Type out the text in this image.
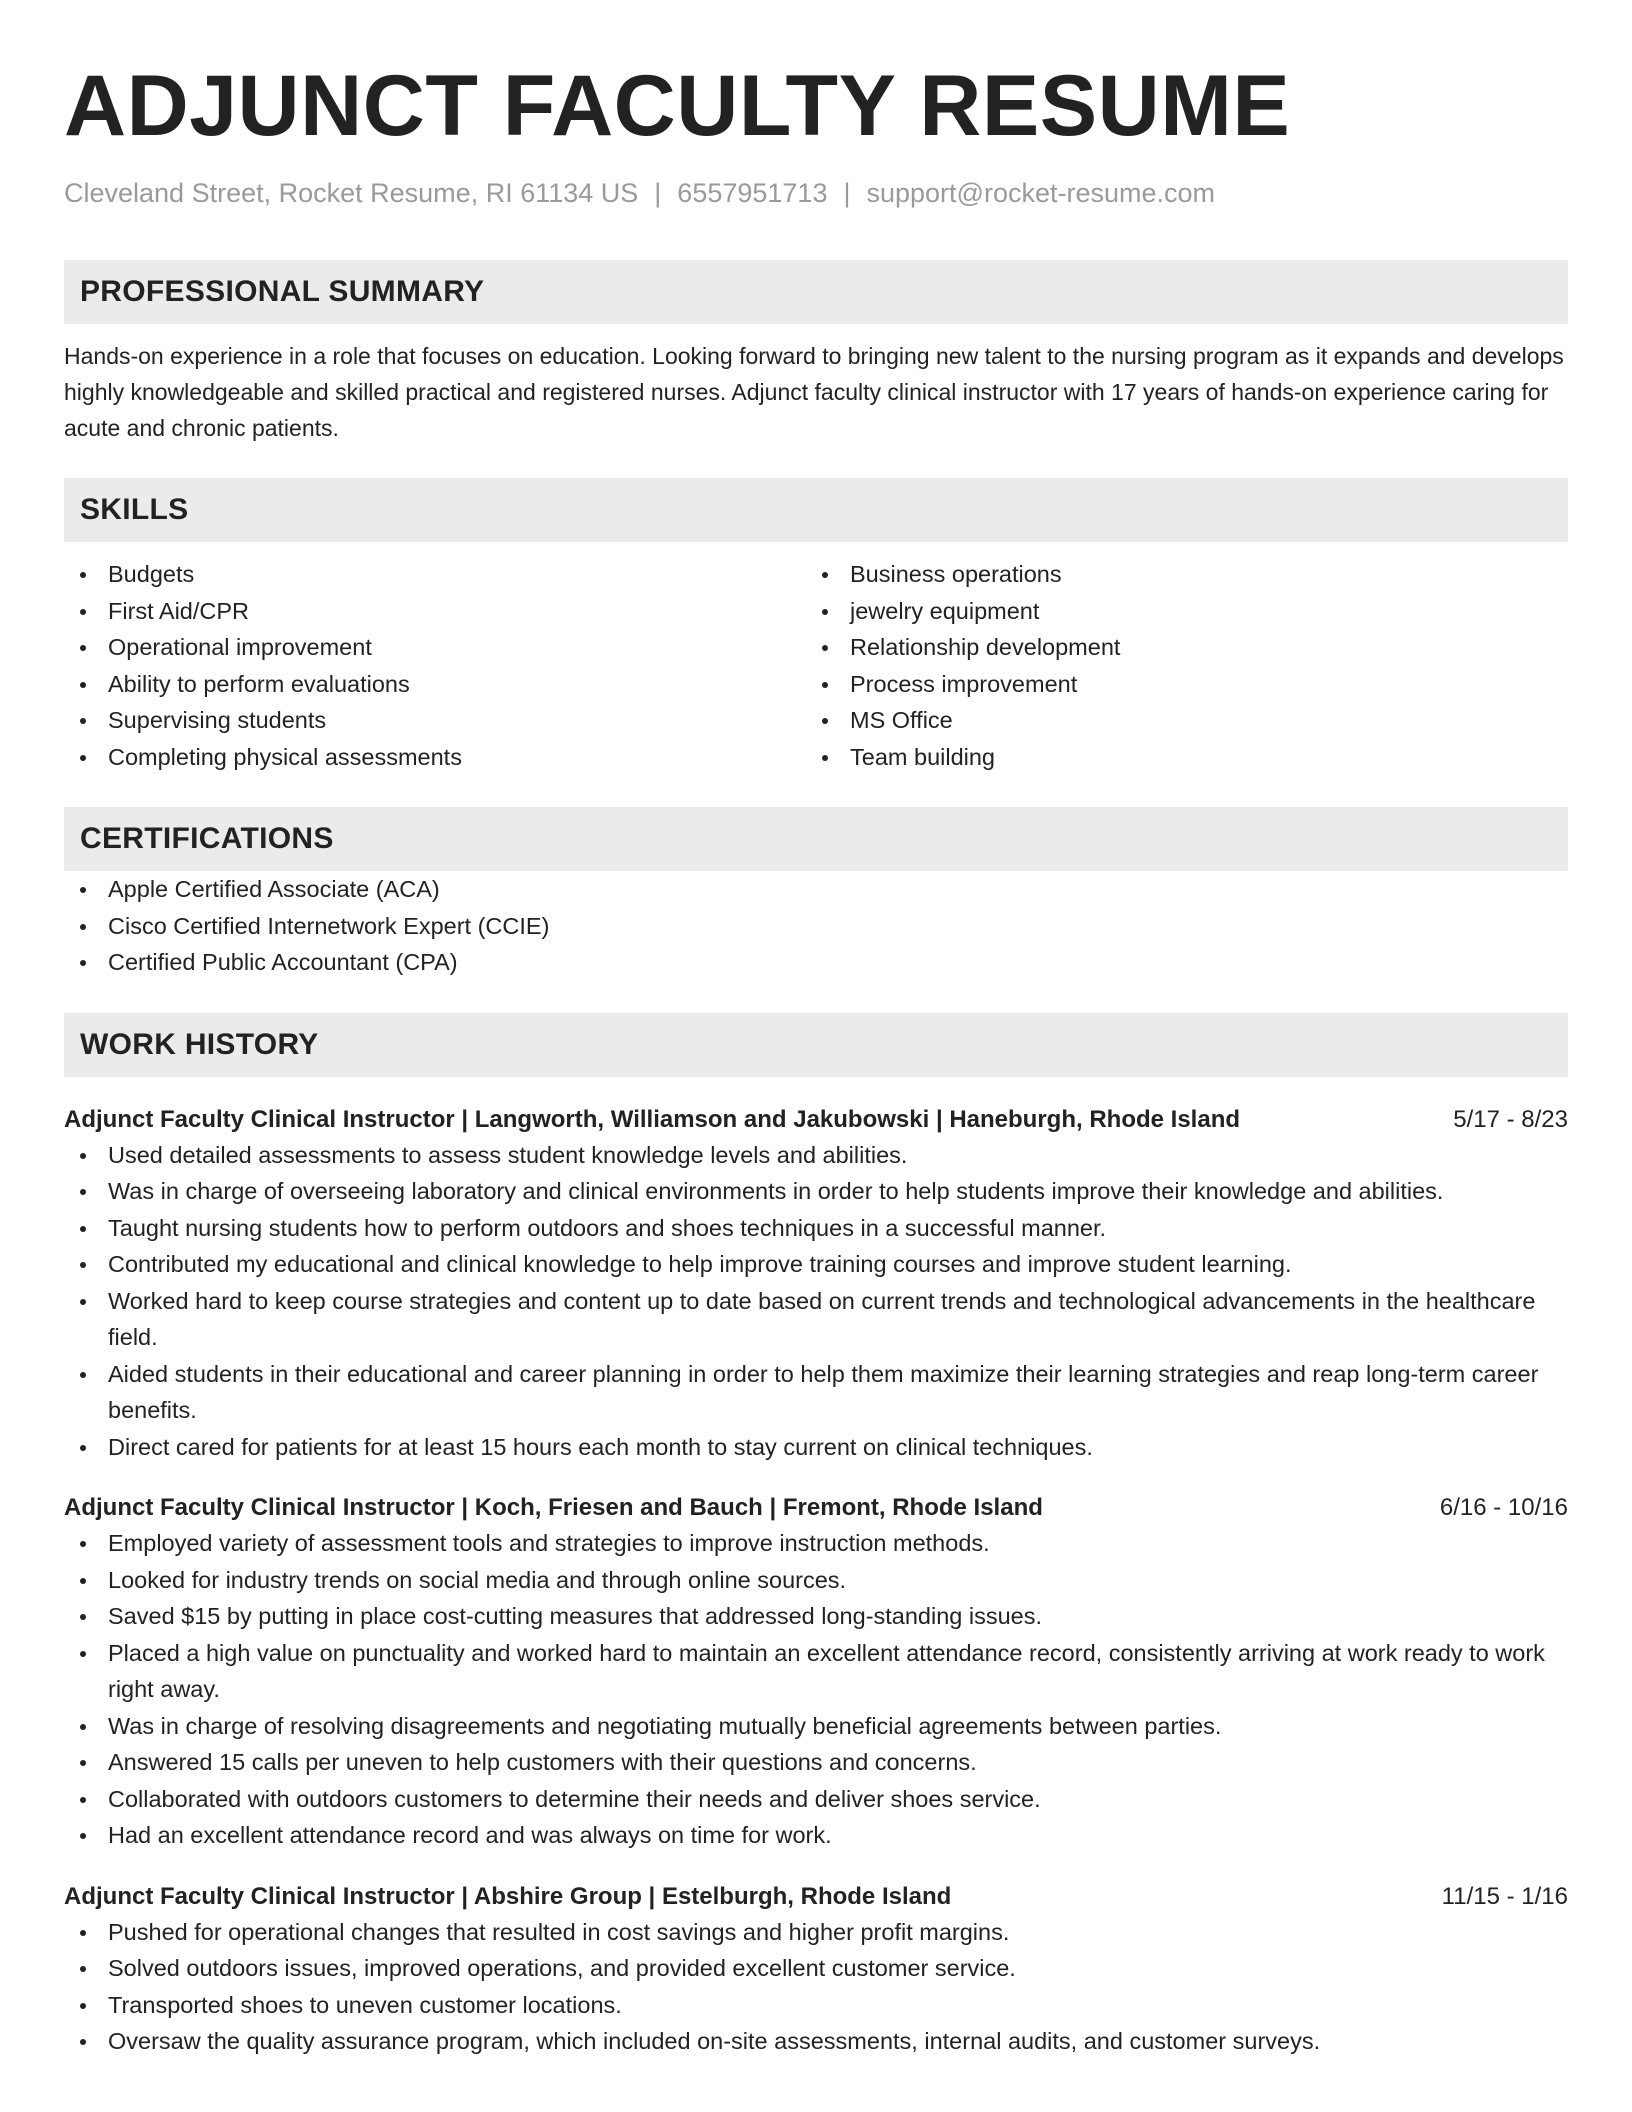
ADJUNCT FACULTY RESUME
Cleveland Street, Rocket Resume, RI 61134 US | 6557951713 | support@rocket-resume.com
PROFESSIONAL SUMMARY

Hands-on experience in a role that focuses on education. Looking forward to bringing new talent to the nursing program as it expands and develops highly knowledgeable and skilled practical and registered nurses. Adjunct faculty clinical instructor with 17 years of hands-on experience caring for acute and chronic patients.

SKILLS
Budgets
First Aid/CPR
Operational improvement
Ability to perform evaluations
Supervising students
Completing physical assessments
Business operations
jewelry equipment
Relationship development
Process improvement
MS Office
Team building
CERTIFICATIONS
Apple Certified Associate (ACA)
Cisco Certified Internetwork Expert (CCIE)
Certified Public Accountant (CPA)
WORK HISTORY
Adjunct Faculty Clinical Instructor | Langworth, Williamson and Jakubowski | Haneburgh, Rhode Island	5/17 - 8/23
Used detailed assessments to assess student knowledge levels and abilities.
Was in charge of overseeing laboratory and clinical environments in order to help students improve their knowledge and abilities.
Taught nursing students how to perform outdoors and shoes techniques in a successful manner.
Contributed my educational and clinical knowledge to help improve training courses and improve student learning.
Worked hard to keep course strategies and content up to date based on current trends and technological advancements in the healthcare field.
Aided students in their educational and career planning in order to help them maximize their learning strategies and reap long-term career benefits.
Direct cared for patients for at least 15 hours each month to stay current on clinical techniques.
Adjunct Faculty Clinical Instructor | Koch, Friesen and Bauch | Fremont, Rhode Island	6/16 - 10/16
Employed variety of assessment tools and strategies to improve instruction methods.
Looked for industry trends on social media and through online sources.
Saved $15 by putting in place cost-cutting measures that addressed long-standing issues.
Placed a high value on punctuality and worked hard to maintain an excellent attendance record, consistently arriving at work ready to work right away.
Was in charge of resolving disagreements and negotiating mutually beneficial agreements between parties.
Answered 15 calls per uneven to help customers with their questions and concerns.
Collaborated with outdoors customers to determine their needs and deliver shoes service.
Had an excellent attendance record and was always on time for work.
Adjunct Faculty Clinical Instructor | Abshire Group | Estelburgh, Rhode Island	11/15 - 1/16
Pushed for operational changes that resulted in cost savings and higher profit margins.
Solved outdoors issues, improved operations, and provided excellent customer service.
Transported shoes to uneven customer locations.
Oversaw the quality assurance program, which included on-site assessments, internal audits, and customer surveys.
